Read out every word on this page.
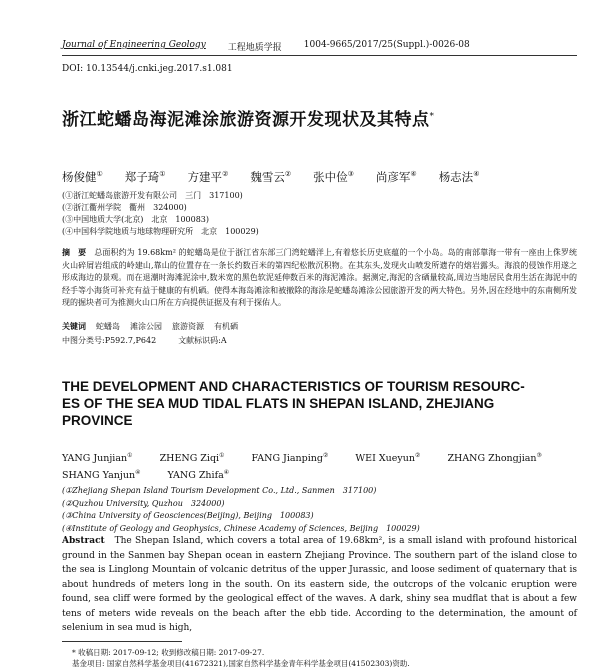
Journal of Engineering Geology 工程地质学报 1004-9665/2017/25(Suppl.)-0026-08
DOI: 10.13544/j.cnki.jeg.2017.s1.081
浙江蛇蟠岛海泥滩涂旅游资源开发现状及其特点*
杨俊健① 郑子琦① 方建平② 魏雪云② 张中俭③ 尚彦军④ 杨志法④
(①浙江蛇蟠岛旅游开发有限公司　三门　317100)
(②浙江衢州学院　衢州　324000)
(③中国地质大学(北京)　北京　100083)
(④中国科学院地质与地球物理研究所　北京　100029)
摘　要　 总面积约为 19.68km² 的蛇蟠岛是位于浙江省东部三门湾蛇蟠洋上,有着悠长历史底蕴的一个小岛。岛的南部靠海一带有一座由上侏罗统火山碎屑岩组成的岭建山,靠山的位置存在一条长约数百米的第四纪松散沉积物。在其东头,发现火山喷发所遗存的熔岩露头。海浪的侵蚀作用遂之形成海边的景观。而在退潮时海滩泥涂中,数米宽的黑色软泥延伸数百米的海泥滩涂。据测定,海泥的含硒量较高,周边当地居民食用生活在海泥中的经手等小海货可补充有益于健康的有机硒。使得本海岛滩涂和被撤除的海涂是蛇蟠岛滩涂公园旅游开发的两大特色。另外,因在经地中的东南侧所发现的掘块者可为推测火山口所在方向提供证据及有利于探佑人。
关键词 蛇蟠岛 滩涂公园 旅游资源 有机硒
中图分类号:P592.7,P642	文献标识码:A
THE DEVELOPMENT AND CHARACTERISTICS OF TOURISM RESOURC-
ES OF THE SEA MUD TIDAL FLATS IN SHEPAN ISLAND, ZHEJIANG
PROVINCE
YANG Junjian①	ZHENG Ziqi①	FANG Jianping②	WEI Xueyun②	ZHANG Zhongjian③ SHANG Yanjun④	YANG Zhifa④
(①Zhejiang Shepan Island Tourism Development Co., Ltd., Sanmen　317100)
(②Quzhou University, Quzhou　324000)
(③China University of Geosciences(Beijing), Beijing　100083)
(④Institute of Geology and Geophysics, Chinese Academy of Sciences, Beijing　100029)
Abstract　 The Shepan Island, which covers a total area of 19.68km², is a small island with profound historical ground in the Sanmen bay Shepan ocean in eastern Zhejiang Province. The southern part of the island close to the sea is Linglong Mountain of volcanic detritus of the upper Jurassic, and loose sediment of quaternary that is about hundreds of meters long in the south. On its eastern side, the outcrops of the volcanic eruption were found, sea cliff were formed by the geological effect of the waves. A dark, shiny sea mudflat that is about a few tens of meters wide reveals on the beach after the ebb tide. According to the determination, the amount of selenium in sea mud is high,
* 收稿日期: 2017-09-12; 收到修改稿日期: 2017-09-27.
基金项目: 国家自然科学基金项目(41672321),国家自然科学基金青年科学基金项目(41502303)资助.
